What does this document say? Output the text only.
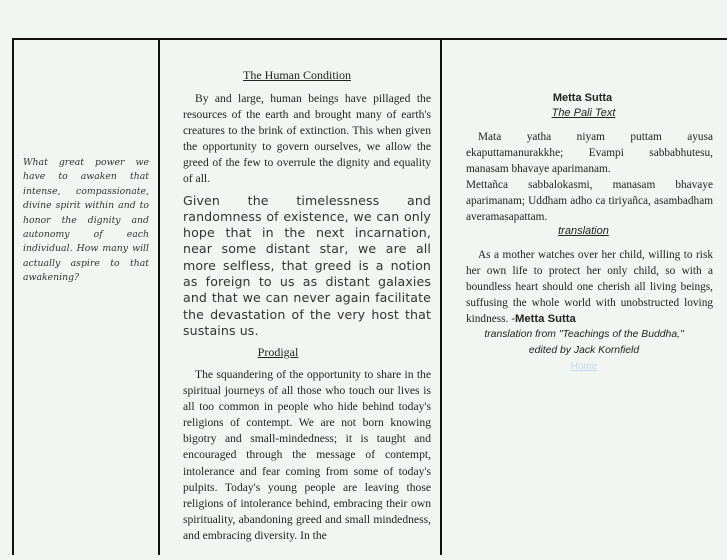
What great power we have to awaken that intense, compassionate, divine spirit within and to honor the dignity and autonomy of each individual. How many will actually aspire to that awakening?
The Human Condition

By and large, human beings have pillaged the resources of the earth and brought many of earth's creatures to the brink of extinction. This when given the opportunity to govern ourselves, we allow the greed of the few to overrule the dignity and equality of all.

Given the timelessness and randomness of existence, we can only hope that in the next incarnation, near some distant star, we are all more selfless, that greed is a notion as foreign to us as distant galaxies and that we can never again facilitate the devastation of the very host that sustains us.

Prodigal

The squandering of the opportunity to share in the spiritual journeys of all those who touch our lives is all too common in people who hide behind today's religions of contempt. We are not born knowing bigotry and small-mindedness; it is taught and encouraged through the message of contempt, intolerance and fear coming from some of today's pulpits. Today's young people are leaving those religions of intolerance behind, embracing their own spirituality, abandoning greed and small mindedness, and embracing diversity. In the

Metta Sutta
The Pali Text
Mata yatha niyam puttam ayusa ekaputtamanurakkhe; Evampi sabbabhutesu, manasam bhavaye aparimanam.
Mettañca sabbalokasmi, manasam bhavaye aparimanam; Uddham adho ca tiriyañca, asambadham averamasapattam.
translation

As a mother watches over her child, willing to risk her own life to protect her only child, so with a boundless heart should one cherish all living beings, suffusing the whole world with unobstructed loving kindness. -Metta Sutta

translation from "Teachings of the Buddha,"
edited by Jack Kornfield
Home
